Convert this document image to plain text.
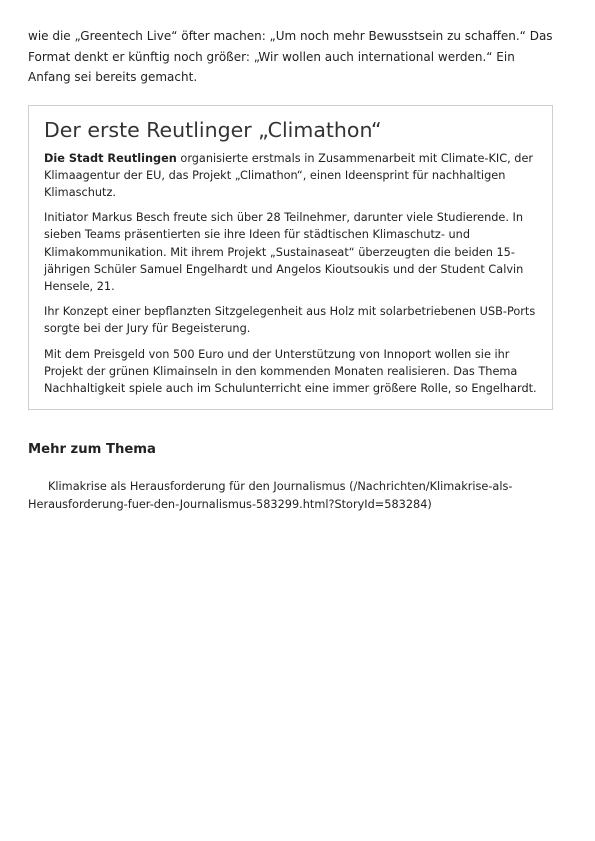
wie die „Greentech Live“ öfter machen: „Um noch mehr Bewusstsein zu schaffen.“ Das Format denkt er künftig noch größer: „Wir wollen auch international werden.“ Ein Anfang sei bereits gemacht.

Der erste Reutlinger „Climathon“

Die Stadt Reutlingen organisierte erstmals in Zusammenarbeit mit Climate-KIC, der Klimaagentur der EU, das Projekt „Climathon“, einen Ideensprint für nachhaltigen Klimaschutz.

Initiator Markus Besch freute sich über 28 Teilnehmer, darunter viele Studierende. In sieben Teams präsentierten sie ihre Ideen für städtischen Klimaschutz- und Klimakommunikation. Mit ihrem Projekt „Sustainaseat“ überzeugten die beiden 15-jährigen Schüler Samuel Engelhardt und Angelos Kioutsoukis und der Student Calvin Hensele, 21.

Ihr Konzept einer bepflanzten Sitzgelegenheit aus Holz mit solarbetriebenen USB-Ports sorgte bei der Jury für Begeisterung.

Mit dem Preisgeld von 500 Euro und der Unterstützung von Innoport wollen sie ihr Projekt der grünen Klimainseln in den kommenden Monaten realisieren. Das Thema Nachhaltigkeit spiele auch im Schulunterricht eine immer größere Rolle, so Engelhardt.

Mehr zum Thema

Klimakrise als Herausforderung für den Journalismus (/Nachrichten/Klimakrise-als-Herausforderung-fuer-den-Journalismus-583299.html?StoryId=583284)
